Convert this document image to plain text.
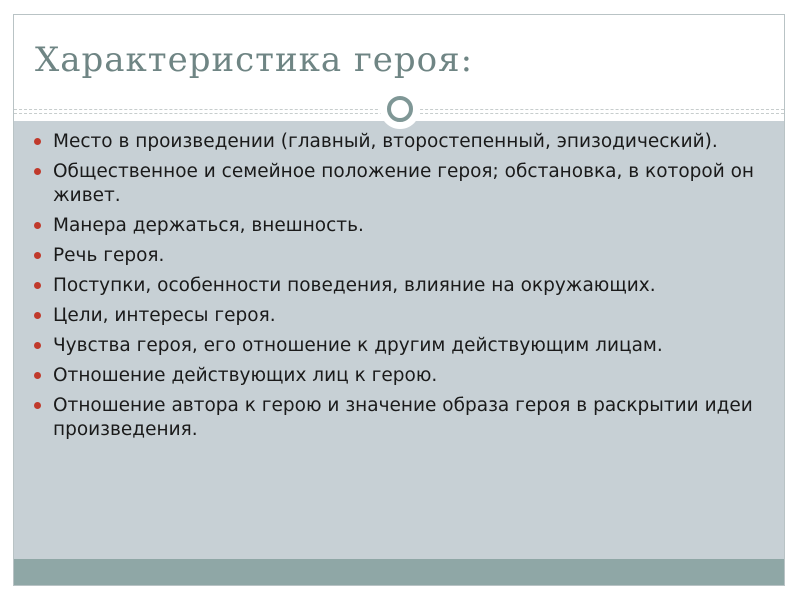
Характеристика героя:
Место в произведении (главный, второстепенный, эпизодический).
Общественное и семейное положение героя; обстановка, в которой он живет.
Манера держаться, внешность.
Речь героя.
Поступки, особенности поведения, влияние на окружающих.
Цели, интересы героя.
Чувства героя, его отношение к другим действующим лицам.
Отношение действующих лиц к герою.
Отношение автора к герою и значение образа героя в раскрытии идеи произведения.
